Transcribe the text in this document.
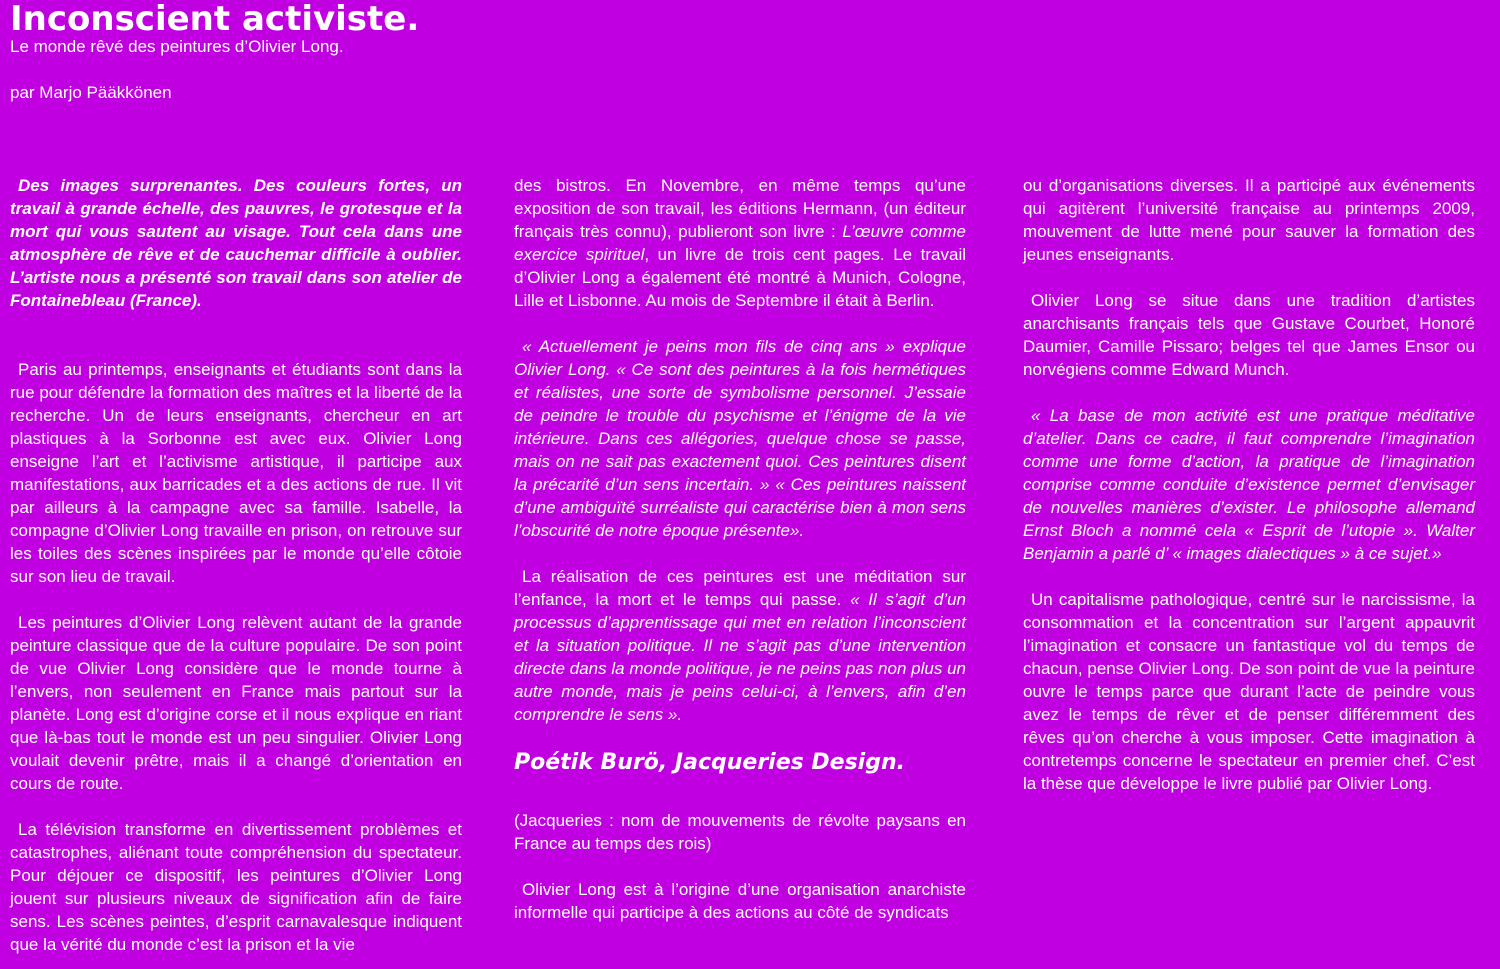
Inconscient activiste.
Le monde rêvé des peintures d’Olivier Long.
par Marjo Pääkkönen

Des images surprenantes. Des couleurs fortes, un travail à grande échelle, des pauvres, le grotesque et la mort qui vous sautent au visage. Tout cela dans une atmosphère de rêve et de cauchemar difficile à oublier. L’artiste nous a présenté son travail dans son atelier de Fontainebleau (France).

Paris au printemps, enseignants et étudiants sont dans la rue pour défendre la formation des maîtres et la liberté de la recherche. Un de leurs enseignants, chercheur en art plastiques à la Sorbonne est avec eux. Olivier Long enseigne l’art et l’activisme artistique, il participe aux manifestations, aux barricades et a des actions de rue. Il vit par ailleurs à la campagne avec sa famille. Isabelle, la compagne d’Olivier Long travaille en prison, on retrouve sur les toiles des scènes inspirées par le monde qu’elle côtoie sur son lieu de travail.

Les peintures d’Olivier Long relèvent autant de la grande peinture classique que de la culture populaire. De son point de vue Olivier Long considère que le monde tourne à l’envers, non seulement en France mais partout sur la planète. Long est d’origine corse et il nous explique en riant que là-bas tout le monde est un peu singulier. Olivier Long voulait devenir prêtre, mais il a changé d’orientation en cours de route.

La télévision transforme en divertissement problèmes et catastrophes, aliénant toute compréhension du spectateur. Pour déjouer ce dispositif, les peintures d’Olivier Long jouent sur plusieurs niveaux de signification afin de faire sens. Les scènes peintes, d’esprit carnavalesque indiquent que la vérité du monde c’est la prison et la vie

des bistros. En Novembre, en même temps qu’une exposition de son travail, les éditions Hermann, (un éditeur français très connu), publieront son livre : L’œuvre comme exercice spirituel, un livre de trois cent pages. Le travail d’Olivier Long a également été montré à Munich, Cologne, Lille et Lisbonne. Au mois de Septembre il était à Berlin.

« Actuellement je peins mon fils de cinq ans » explique Olivier Long. « Ce sont des peintures à la fois hermétiques et réalistes, une sorte de symbolisme personnel. J’essaie de peindre le trouble du psychisme et l’énigme de la vie intérieure. Dans ces allégories, quelque chose se passe, mais on ne sait pas exactement quoi. Ces peintures disent la précarité d’un sens incertain. » « Ces peintures naissent d’une ambiguïté surréaliste qui caractérise bien à mon sens l’obscurité de notre époque présente».

La réalisation de ces peintures est une méditation sur l’enfance, la mort et le temps qui passe. « Il s’agit d’un processus d’apprentissage qui met en relation l’inconscient et la situation politique. Il ne s’agit pas d’une intervention directe dans la monde politique, je ne peins pas non plus un autre monde, mais je peins celui-ci, à l’envers, afin d’en comprendre le sens ».

Poétik Burö, Jacqueries Design.

(Jacqueries : nom de mouvements de révolte paysans en France au temps des rois)

Olivier Long est à l’origine d’une organisation anarchiste informelle qui participe à des actions au côté de syndicats

ou d’organisations diverses. Il a participé aux événements qui agitèrent l’université française au printemps 2009, mouvement de lutte mené pour sauver la formation des jeunes enseignants.

Olivier Long se situe dans une tradition d’artistes anarchisants français tels que Gustave Courbet, Honoré Daumier, Camille Pissaro; belges tel que James Ensor ou norvégiens comme Edward Munch.

« La base de mon activité est une pratique méditative d’atelier. Dans ce cadre, il faut comprendre l’imagination comme une forme d’action, la pratique de l’imagination comprise comme conduite d’existence permet d’envisager de nouvelles manières d’exister. Le philosophe allemand Ernst Bloch a nommé cela « Esprit de l’utopie ». Walter Benjamin a parlé d’ « images dialectiques » à ce sujet.»

Un capitalisme pathologique, centré sur le narcissisme, la consommation et la concentration sur l’argent appauvrit l’imagination et consacre un fantastique vol du temps de chacun, pense Olivier Long. De son point de vue la peinture ouvre le temps parce que durant l’acte de peindre vous avez le temps de rêver et de penser différemment des rêves qu’on cherche à vous imposer. Cette imagination à contretemps concerne le spectateur en premier chef. C’est la thèse que développe le livre publié par Olivier Long.
